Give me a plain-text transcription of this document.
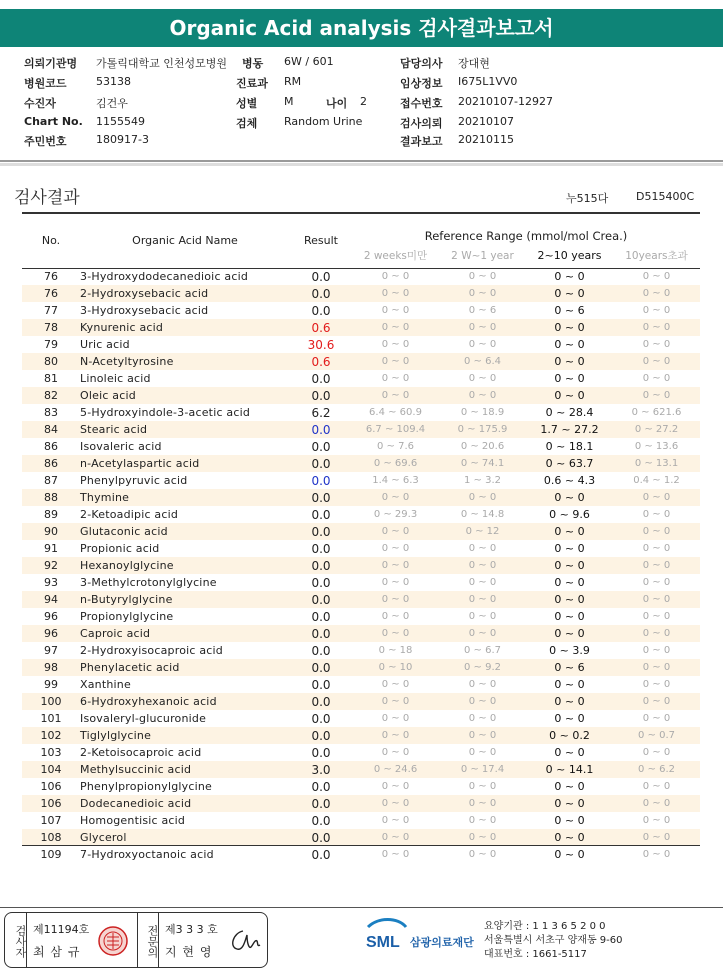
Organic Acid analysis 검사결과보고서
의뢰기관명 가톨릭대학교 인천성모병원
병원코드	53138
수진자	김건우
Chart No. 1155549
주민번호	180917-3
병동 6W / 601
진료과 RM
성별 M	나이 2
검체 Random Urine
담당의사 장대현
임상정보 I675L1VV0
접수번호 20210107-12927
검사의뢰 20210107
결과보고 20210115
검사결과	누515다	D515400C
No.	Organic Acid Name	Result	Reference Range (mmol/mol Crea.)			
			2 weeks미만	2 W~1 year	2~10 years	10years초과

76	3-Hydroxydodecanedioic acid	0.0	0 ~ 0	0 ~ 0	0 ~ 0	0 ~ 0
76	2-Hydroxysebacic acid	0.0	0 ~ 0	0 ~ 0	0 ~ 0	0 ~ 0
77	3-Hydroxysebacic acid	0.0	0 ~ 0	0 ~ 6	0 ~ 6	0 ~ 0
78	Kynurenic acid	0.6	0 ~ 0	0 ~ 0	0 ~ 0	0 ~ 0
79	Uric acid	30.6	0 ~ 0	0 ~ 0	0 ~ 0	0 ~ 0
80	N-Acetyltyrosine	0.6	0 ~ 0	0 ~ 6.4	0 ~ 0	0 ~ 0
81	Linoleic acid	0.0	0 ~ 0	0 ~ 0	0 ~ 0	0 ~ 0
82	Oleic acid	0.0	0 ~ 0	0 ~ 0	0 ~ 0	0 ~ 0
83	5-Hydroxyindole-3-acetic acid	6.2	6.4 ~ 60.9	0 ~ 18.9	0 ~ 28.4	0 ~ 621.6
84	Stearic acid	0.0	6.7 ~ 109.4	0 ~ 175.9	1.7 ~ 27.2	0 ~ 27.2
86	Isovaleric acid	0.0	0 ~ 7.6	0 ~ 20.6	0 ~ 18.1	0 ~ 13.6
86	n-Acetylaspartic acid	0.0	0 ~ 69.6	0 ~ 74.1	0 ~ 63.7	0 ~ 13.1
87	Phenylpyruvic acid	0.0	1.4 ~ 6.3	1 ~ 3.2	0.6 ~ 4.3	0.4 ~ 1.2
88	Thymine	0.0	0 ~ 0	0 ~ 0	0 ~ 0	0 ~ 0
89	2-Ketoadipic acid	0.0	0 ~ 29.3	0 ~ 14.8	0 ~ 9.6	0 ~ 0
90	Glutaconic acid	0.0	0 ~ 0	0 ~ 12	0 ~ 0	0 ~ 0
91	Propionic acid	0.0	0 ~ 0	0 ~ 0	0 ~ 0	0 ~ 0
92	Hexanoylglycine	0.0	0 ~ 0	0 ~ 0	0 ~ 0	0 ~ 0
93	3-Methylcrotonylglycine	0.0	0 ~ 0	0 ~ 0	0 ~ 0	0 ~ 0
94	n-Butyrylglycine	0.0	0 ~ 0	0 ~ 0	0 ~ 0	0 ~ 0
96	Propionylglycine	0.0	0 ~ 0	0 ~ 0	0 ~ 0	0 ~ 0
96	Caproic acid	0.0	0 ~ 0	0 ~ 0	0 ~ 0	0 ~ 0
97	2-Hydroxyisocaproic acid	0.0	0 ~ 18	0 ~ 6.7	0 ~ 3.9	0 ~ 0
98	Phenylacetic acid	0.0	0 ~ 10	0 ~ 9.2	0 ~ 6	0 ~ 0
99	Xanthine	0.0	0 ~ 0	0 ~ 0	0 ~ 0	0 ~ 0
100	6-Hydroxyhexanoic acid	0.0	0 ~ 0	0 ~ 0	0 ~ 0	0 ~ 0
101	Isovaleryl-glucuronide	0.0	0 ~ 0	0 ~ 0	0 ~ 0	0 ~ 0
102	Tiglylglycine	0.0	0 ~ 0	0 ~ 0	0 ~ 0.2	0 ~ 0.7
103	2-Ketoisocaproic acid	0.0	0 ~ 0	0 ~ 0	0 ~ 0	0 ~ 0
104	Methylsuccinic acid	3.0	0 ~ 24.6	0 ~ 17.4	0 ~ 14.1	0 ~ 6.2
106	Phenylpropionylglycine	0.0	0 ~ 0	0 ~ 0	0 ~ 0	0 ~ 0
106	Dodecanedioic acid	0.0	0 ~ 0	0 ~ 0	0 ~ 0	0 ~ 0
107	Homogentisic acid	0.0	0 ~ 0	0 ~ 0	0 ~ 0	0 ~ 0
108	Glycerol	0.0	0 ~ 0	0 ~ 0	0 ~ 0	0 ~ 0
109	7-Hydroxyoctanoic acid	0.0	0 ~ 0	0 ~ 0	0 ~ 0	0 ~ 0
검사자 제11194호
최 삼 규	전문의 제3 3 3 호
지 현 영
SML 삼광의료재단
요양기관 : 1 1 3 6 5 2 0 0
서울특별시 서초구 양재동 9-60
대표번호 : 1661-5117
